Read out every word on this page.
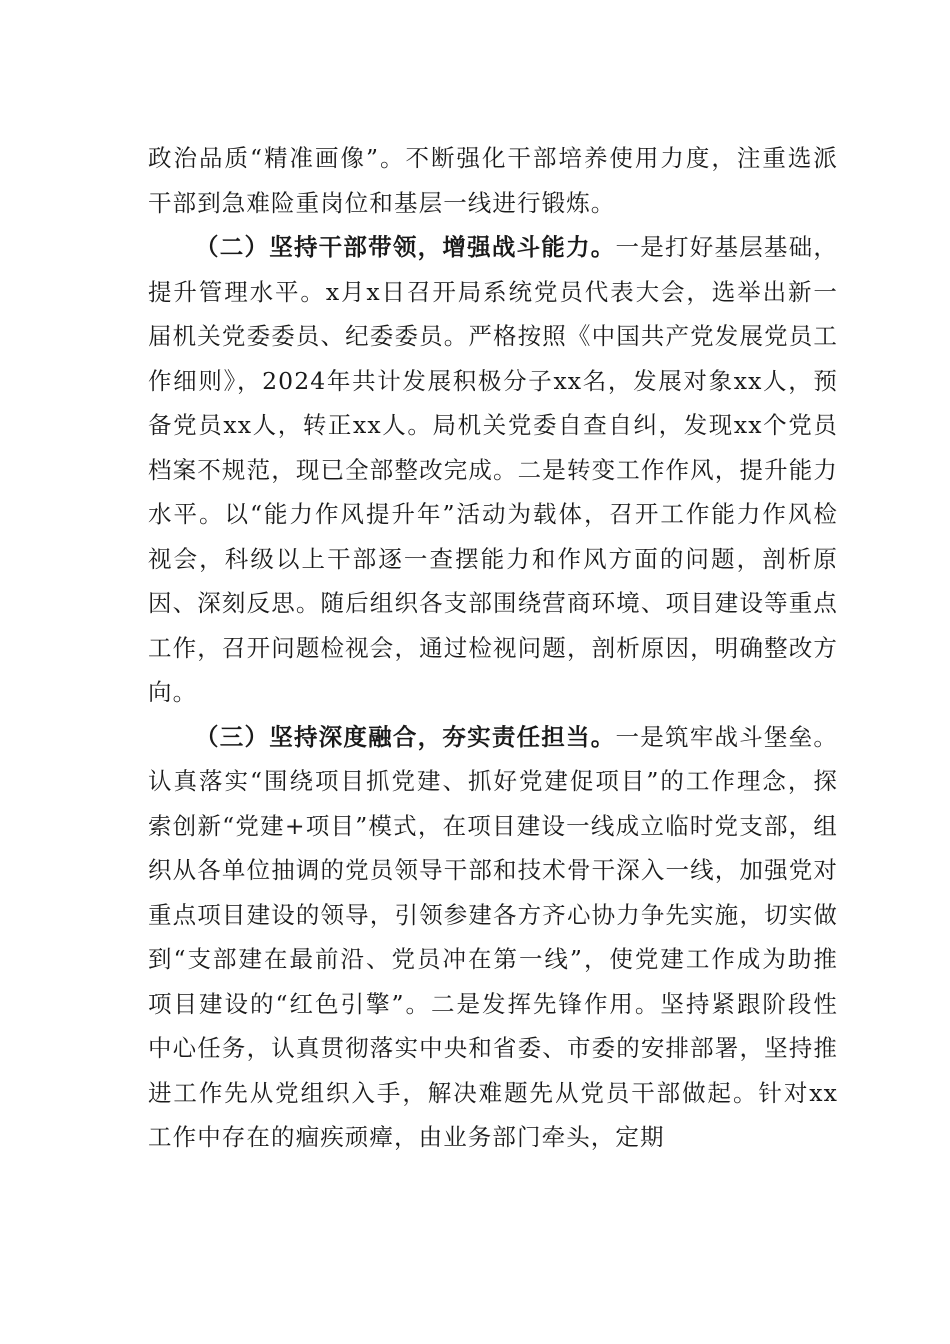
政治品质“精准画像”。不断强化干部培养使用力度，注重选派干部到急难险重岗位和基层一线进行锻炼。

（二）坚持干部带领，增强战斗能力。一是打好基层基础，提升管理水平。x月x日召开局系统党员代表大会，选举出新一届机关党委委员、纪委委员。严格按照《中国共产党发展党员工作细则》，2024年共计发展积极分子xx名，发展对象xx人，预备党员xx人，转正xx人。局机关党委自查自纠，发现xx个党员档案不规范，现已全部整改完成。二是转变工作作风，提升能力水平。以“能力作风提升年”活动为载体，召开工作能力作风检视会，科级以上干部逐一查摆能力和作风方面的问题，剖析原因、深刻反思。随后组织各支部围绕营商环境、项目建设等重点工作，召开问题检视会，通过检视问题，剖析原因，明确整改方向。

（三）坚持深度融合，夯实责任担当。一是筑牢战斗堡垒。认真落实“围绕项目抓党建、抓好党建促项目”的工作理念，探索创新“党建+项目”模式，在项目建设一线成立临时党支部，组织从各单位抽调的党员领导干部和技术骨干深入一线，加强党对重点项目建设的领导，引领参建各方齐心协力争先实施，切实做到“支部建在最前沿、党员冲在第一线”，使党建工作成为助推项目建设的“红色引擎”。二是发挥先锋作用。坚持紧跟阶段性中心任务，认真贯彻落实中央和省委、市委的安排部署，坚持推进工作先从党组织入手，解决难题先从党员干部做起。针对xx工作中存在的痼疾顽瘴，由业务部门牵头，定期
